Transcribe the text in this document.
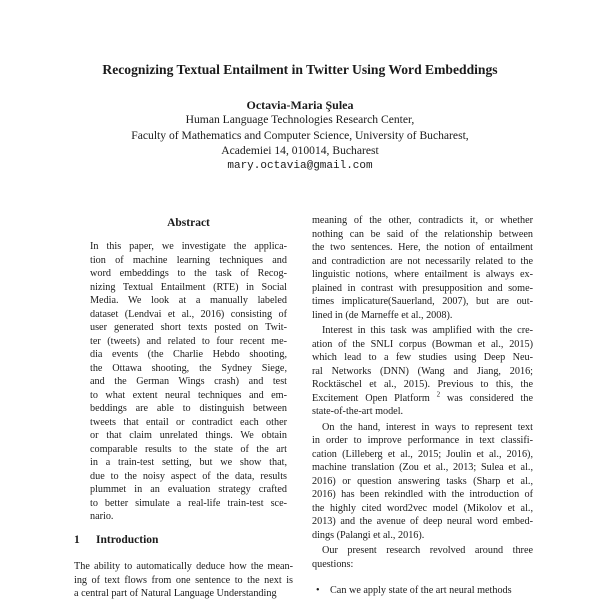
Recognizing Textual Entailment in Twitter Using Word Embeddings
Octavia-Maria Şulea
Human Language Technologies Research Center,
Faculty of Mathematics and Computer Science, University of Bucharest,
Academiei 14, 010014, Bucharest
mary.octavia@gmail.com
Abstract
In this paper, we investigate the applica-
tion of machine learning techniques and
word embeddings to the task of Recog-
nizing Textual Entailment (RTE) in Social
Media. We look at a manually labeled
dataset (Lendvai et al., 2016) consisting of
user generated short texts posted on Twit-
ter (tweets) and related to four recent me-
dia events (the Charlie Hebdo shooting,
the Ottawa shooting, the Sydney Siege,
and the German Wings crash) and test
to what extent neural techniques and em-
beddings are able to distinguish between
tweets that entail or contradict each other
or that claim unrelated things. We obtain
comparable results to the state of the art
in a train-test setting, but we show that,
due to the noisy aspect of the data, results
plummet in an evaluation strategy crafted
to better simulate a real-life train-test sce-
nario.
1 Introduction
The ability to automatically deduce how the mean-
ing of text flows from one sentence to the next is
a central part of Natural Language Understanding
meaning of the other, contradicts it, or whether
nothing can be said of the relationship between
the two sentences. Here, the notion of entailment
and contradiction are not necessarily related to the
linguistic notions, where entailment is always ex-
plained in contrast with presupposition and some-
times implicature(Sauerland, 2007), but are out-
lined in (de Marneffe et al., 2008).
Interest in this task was amplified with the cre-
ation of the SNLI corpus (Bowman et al., 2015)
which lead to a few studies using Deep Neu-
ral Networks (DNN) (Wang and Jiang, 2016;
Rocktäschel et al., 2015). Previous to this, the
Excitement Open Platform $^2$ was considered the
state-of-the-art model.
On the hand, interest in ways to represent text
in order to improve performance in text classifi-
cation (Lilleberg et al., 2015; Joulin et al., 2016),
machine translation (Zou et al., 2013; Sulea et al.,
2016) or question answering tasks (Sharp et al.,
2016) has been rekindled with the introduction of
the highly cited word2vec model (Mikolov et al.,
2013) and the avenue of deep neural word embed-
dings (Palangi et al., 2016).
Our present research revolved around three
questions:
• Can we apply state of the art neural methods
